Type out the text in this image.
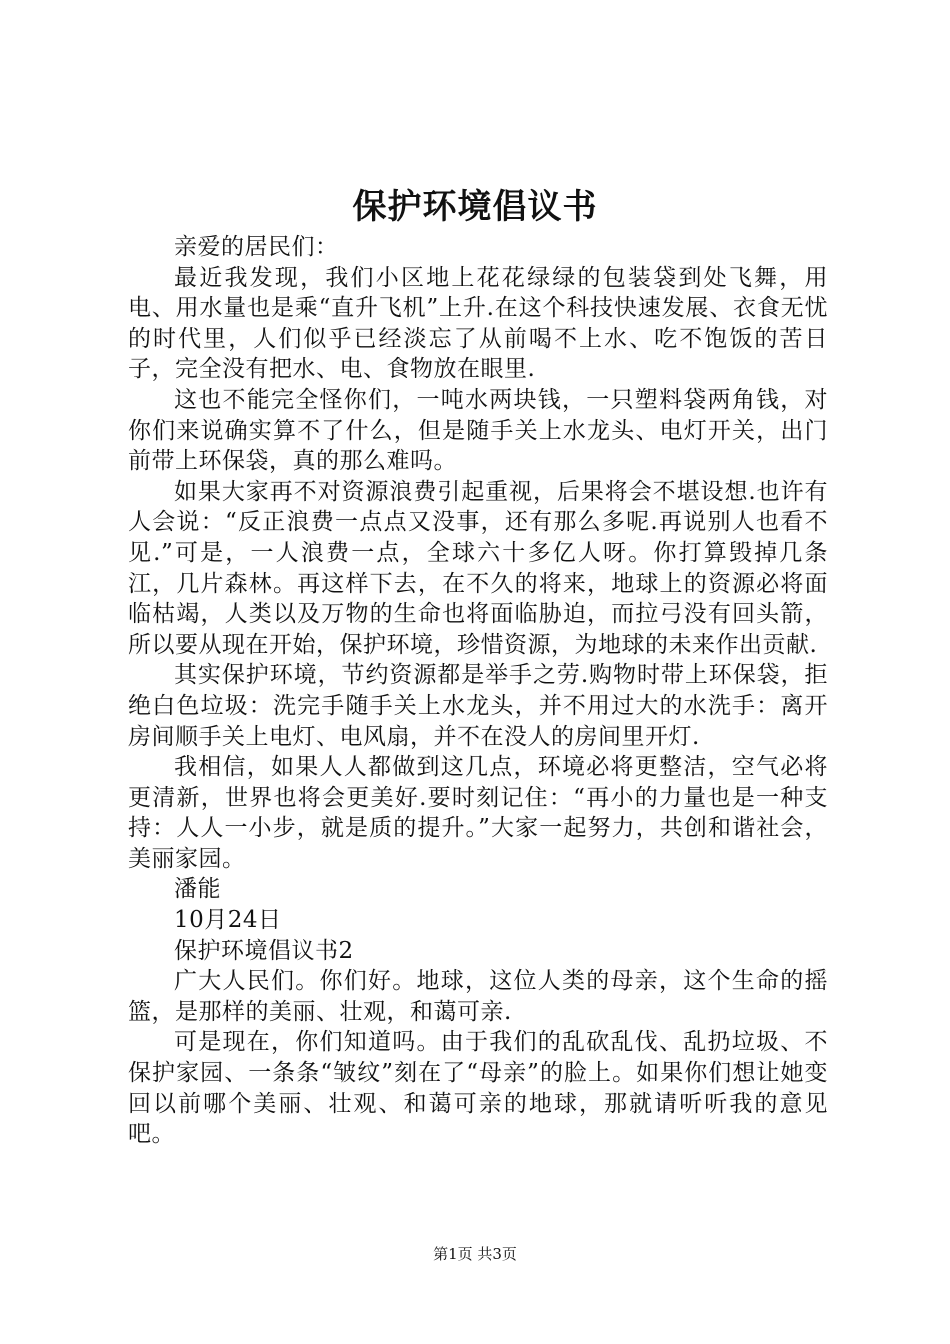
保护环境倡议书

亲爱的居民们：

最近我发现，我们小区地上花花绿绿的包装袋到处飞舞，用电、用水量也是乘“直升飞机”上升.在这个科技快速发展、衣食无忧的时代里，人们似乎已经淡忘了从前喝不上水、吃不饱饭的苦日子，完全没有把水、电、食物放在眼里.

这也不能完全怪你们，一吨水两块钱，一只塑料袋两角钱，对你们来说确实算不了什么，但是随手关上水龙头、电灯开关，出门前带上环保袋，真的那么难吗。

如果大家再不对资源浪费引起重视，后果将会不堪设想.也许有人会说：“反正浪费一点点又没事，还有那么多呢.再说别人也看不见.”可是，一人浪费一点，全球六十多亿人呀。你打算毁掉几条江，几片森林。再这样下去，在不久的将来，地球上的资源必将面临枯竭，人类以及万物的生命也将面临胁迫，而拉弓没有回头箭，所以要从现在开始，保护环境，珍惜资源，为地球的未来作出贡献.

其实保护环境，节约资源都是举手之劳.购物时带上环保袋，拒绝白色垃圾：洗完手随手关上水龙头，并不用过大的水洗手：离开房间顺手关上电灯、电风扇，并不在没人的房间里开灯.

我相信，如果人人都做到这几点，环境必将更整洁，空气必将更清新，世界也将会更美好.要时刻记住：“再小的力量也是一种支持：人人一小步，就是质的提升。”大家一起努力，共创和谐社会，美丽家园。

潘能

10月24日

保护环境倡议书2

广大人民们。你们好。地球，这位人类的母亲，这个生命的摇篮，是那样的美丽、壮观，和蔼可亲.

可是现在，你们知道吗。由于我们的乱砍乱伐、乱扔垃圾、不保护家园、一条条“皱纹”刻在了“母亲”的脸上。如果你们想让她变回以前哪个美丽、壮观、和蔼可亲的地球，那就请听听我的意见吧。

第1页 共3页
